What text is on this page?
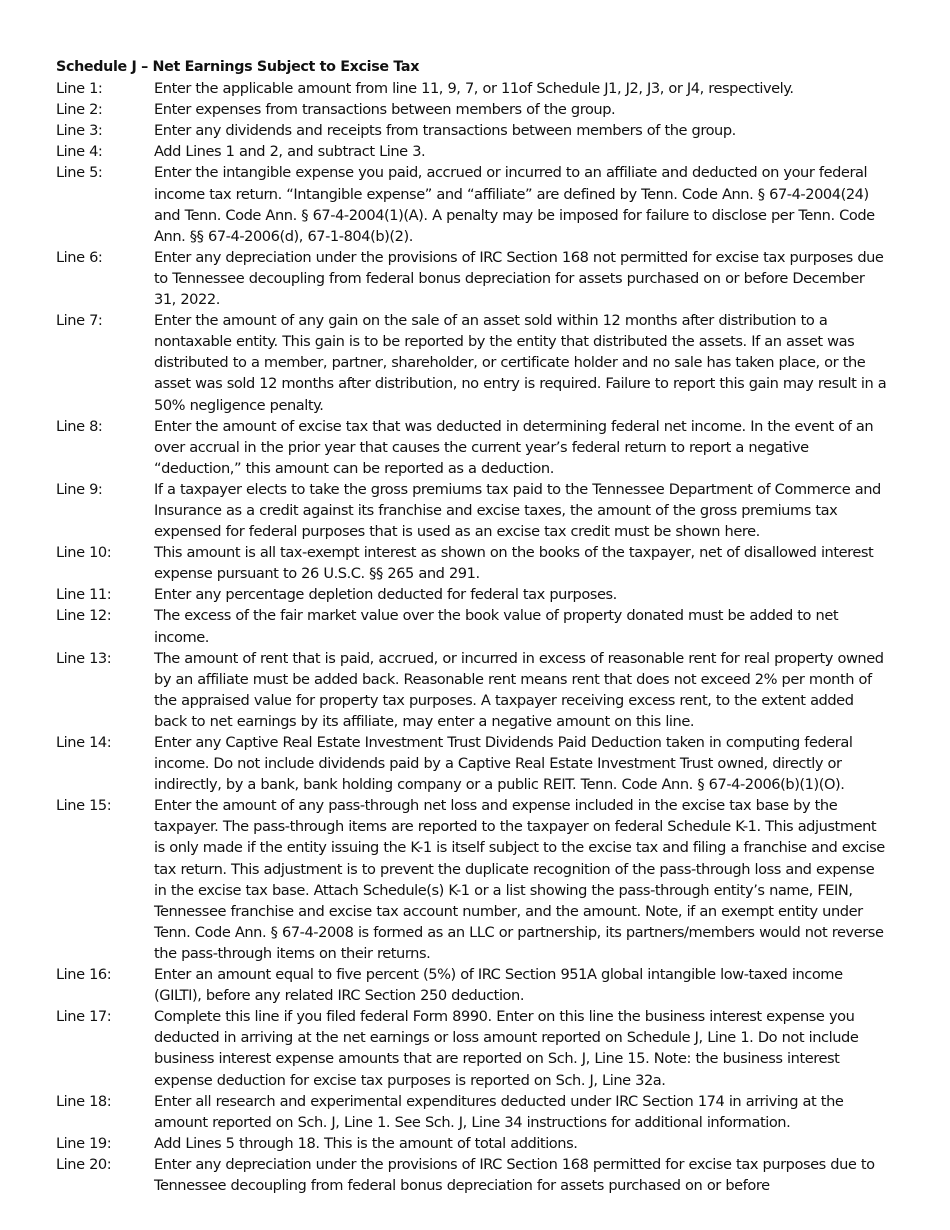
Schedule J – Net Earnings Subject to Excise Tax
Line 1:	Enter the applicable amount from line 11, 9, 7, or 11of Schedule J1, J2, J3, or J4, respectively.
Line 2:	Enter expenses from transactions between members of the group.
Line 3:	Enter any dividends and receipts from transactions between members of the group.
Line 4:	Add Lines 1 and 2, and subtract Line 3.
Line 5:	Enter the intangible expense you paid, accrued or incurred to an affiliate and deducted on your federal income tax return. “Intangible expense” and “affiliate” are defined by Tenn. Code Ann. § 67-4-2004(24) and Tenn. Code Ann. § 67-4-2004(1)(A). A penalty may be imposed for failure to disclose per Tenn. Code Ann. §§ 67-4-2006(d), 67-1-804(b)(2).
Line 6:	Enter any depreciation under the provisions of IRC Section 168 not permitted for excise tax purposes due to Tennessee decoupling from federal bonus depreciation for assets purchased on or before December 31, 2022.
Line 7:	Enter the amount of any gain on the sale of an asset sold within 12 months after distribution to a nontaxable entity. This gain is to be reported by the entity that distributed the assets. If an asset was distributed to a member, partner, shareholder, or certificate holder and no sale has taken place, or the asset was sold 12 months after distribution, no entry is required. Failure to report this gain may result in a 50% negligence penalty.
Line 8:	Enter the amount of excise tax that was deducted in determining federal net income. In the event of an over accrual in the prior year that causes the current year’s federal return to report a negative “deduction,” this amount can be reported as a deduction.
Line 9:	If a taxpayer elects to take the gross premiums tax paid to the Tennessee Department of Commerce and Insurance as a credit against its franchise and excise taxes, the amount of the gross premiums tax expensed for federal purposes that is used as an excise tax credit must be shown here.
Line 10:	This amount is all tax-exempt interest as shown on the books of the taxpayer, net of disallowed interest expense pursuant to 26 U.S.C. §§ 265 and 291.
Line 11:	Enter any percentage depletion deducted for federal tax purposes.
Line 12:	The excess of the fair market value over the book value of property donated must be added to net income.
Line 13:	The amount of rent that is paid, accrued, or incurred in excess of reasonable rent for real property owned by an affiliate must be added back. Reasonable rent means rent that does not exceed 2% per month of the appraised value for property tax purposes. A taxpayer receiving excess rent, to the extent added back to net earnings by its affiliate, may enter a negative amount on this line.
Line 14:	Enter any Captive Real Estate Investment Trust Dividends Paid Deduction taken in computing federal income. Do not include dividends paid by a Captive Real Estate Investment Trust owned, directly or indirectly, by a bank, bank holding company or a public REIT. Tenn. Code Ann. § 67-4-2006(b)(1)(O).
Line 15:	Enter the amount of any pass-through net loss and expense included in the excise tax base by the taxpayer. The pass-through items are reported to the taxpayer on federal Schedule K-1. This adjustment is only made if the entity issuing the K-1 is itself subject to the excise tax and filing a franchise and excise tax return. This adjustment is to prevent the duplicate recognition of the pass-through loss and expense in the excise tax base. Attach Schedule(s) K-1 or a list showing the pass-through entity’s name, FEIN, Tennessee franchise and excise tax account number, and the amount. Note, if an exempt entity under Tenn. Code Ann. § 67-4-2008 is formed as an LLC or partnership, its partners/members would not reverse the pass-through items on their returns.
Line 16:	Enter an amount equal to five percent (5%) of IRC Section 951A global intangible low-taxed income (GILTI), before any related IRC Section 250 deduction.
Line 17:	Complete this line if you filed federal Form 8990. Enter on this line the business interest expense you deducted in arriving at the net earnings or loss amount reported on Schedule J, Line 1. Do not include business interest expense amounts that are reported on Sch. J, Line 15. Note: the business interest expense deduction for excise tax purposes is reported on Sch. J, Line 32a.
Line 18:	Enter all research and experimental expenditures deducted under IRC Section 174 in arriving at the amount reported on Sch. J, Line 1. See Sch. J, Line 34 instructions for additional information.
Line 19:	Add Lines 5 through 18. This is the amount of total additions.
Line 20:	Enter any depreciation under the provisions of IRC Section 168 permitted for excise tax purposes due to Tennessee decoupling from federal bonus depreciation for assets purchased on or before
